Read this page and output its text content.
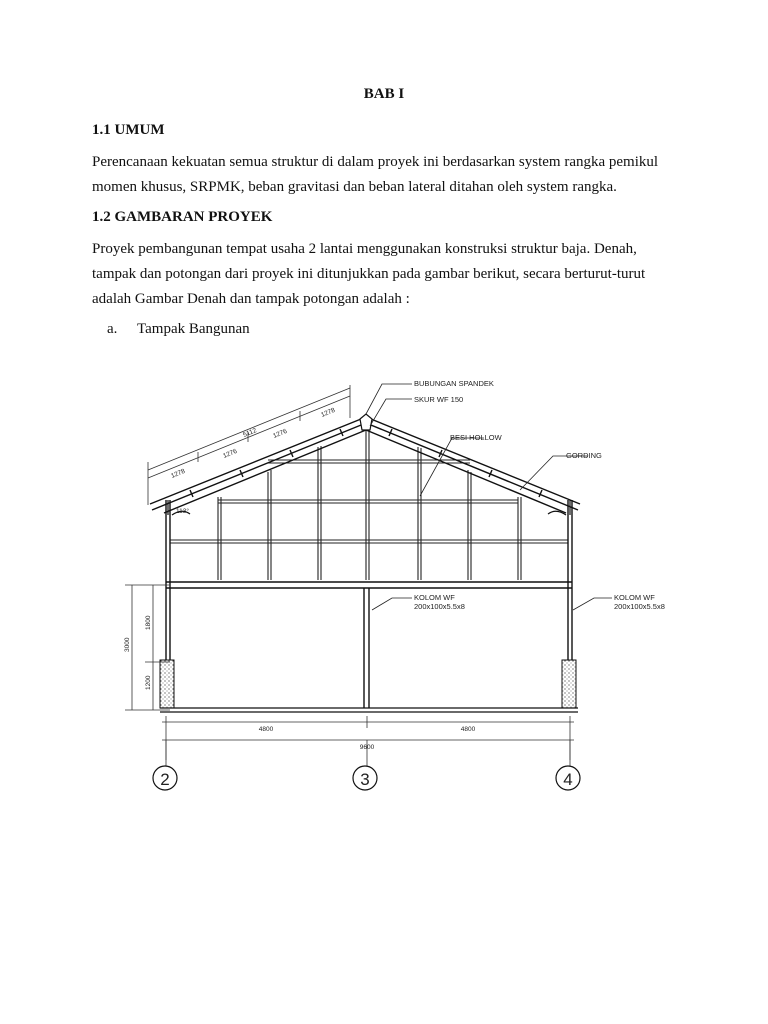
BAB I
1.1 UMUM
Perencanaan kekuatan semua struktur di dalam proyek ini berdasarkan system rangka pemikul momen khusus, SRPMK, beban gravitasi dan beban lateral ditahan oleh system rangka.
1.2 GAMBARAN PROYEK
Proyek pembangunan tempat usaha 2 lantai menggunakan konstruksi struktur baja. Denah, tampak dan potongan dari proyek ini ditunjukkan pada gambar berikut, secara berturut-turut adalah Gambar Denah dan tampak potongan adalah :
a. Tampak Bangunan
1278
1276
1276
1278
5112
113°
1800
1200
3000
4800	4800
9600
2	3	4
BUBUNGAN SPANDEK
SKUR WF 150
BESI HOLLOW
GORDING
KOLOM WF
200x100x5.5x8
KOLOM WF
200x100x5.5x8
